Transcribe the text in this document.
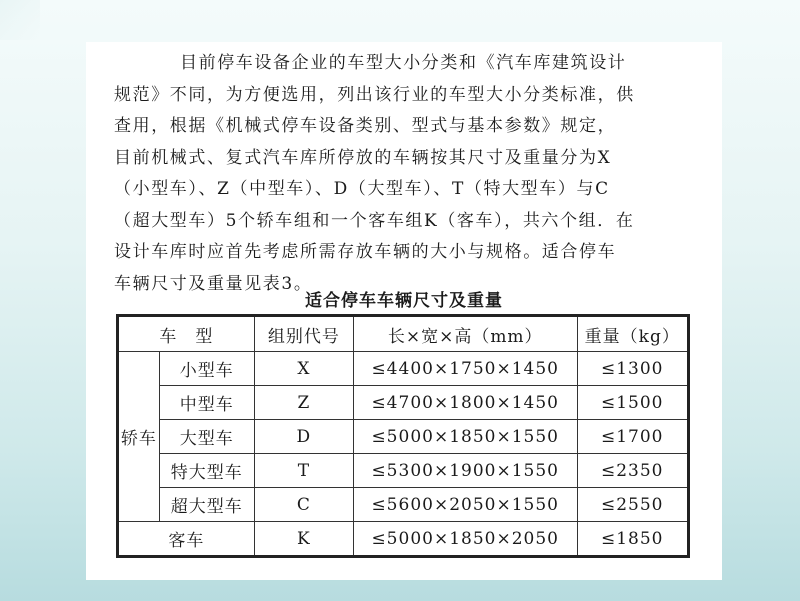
目前停车设备企业的车型大小分类和《汽车库建筑设计
规范》不同，为方便选用，列出该行业的车型大小分类标准，供
查用，根据《机械式停车设备类别、型式与基本参数》规定，
目前机械式、复式汽车库所停放的车辆按其尺寸及重量分为X
（小型车）、Z（中型车）、D（大型车）、T（特大型车）与C
（超大型车）5个轿车组和一个客车组K（客车），共六个组．在
设计车库时应首先考虑所需存放车辆的大小与规格。适合停车
车辆尺寸及重量见表3。

适合停车车辆尺寸及重量
车　型		组别代号	长×宽×高（mm）	重量（kg）
轿车	小型车	X	≤4400×1750×1450	≤1300
	中型车	Z	≤4700×1800×1450	≤1500
	大型车	D	≤5000×1850×1550	≤1700
	特大型车	T	≤5300×1900×1550	≤2350
	超大型车	C	≤5600×2050×1550	≤2550
客车		K	≤5000×1850×2050	≤1850
